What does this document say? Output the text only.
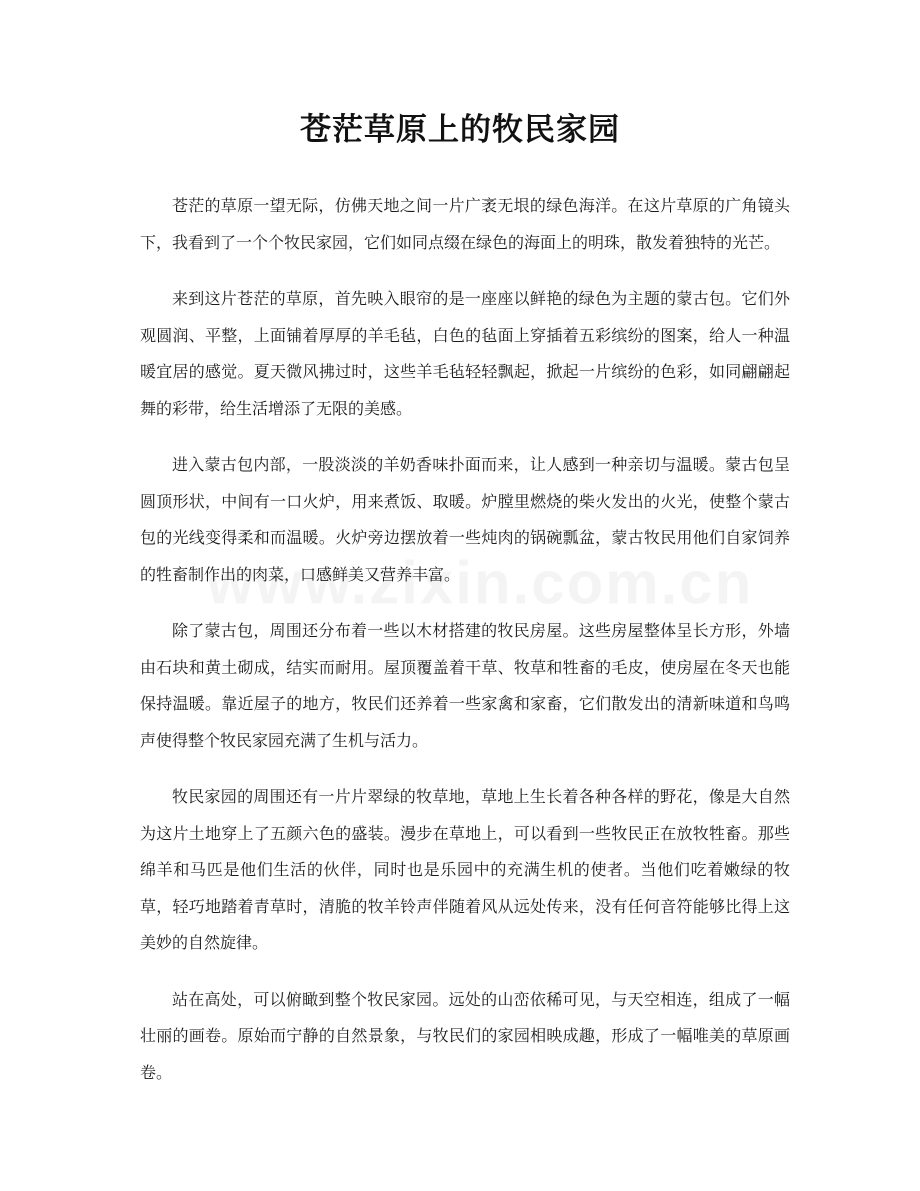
苍茫草原上的牧民家园

苍茫的草原一望无际，仿佛天地之间一片广袤无垠的绿色海洋。在这片草原的广角镜头下，我看到了一个个牧民家园，它们如同点缀在绿色的海面上的明珠，散发着独特的光芒。

来到这片苍茫的草原，首先映入眼帘的是一座座以鲜艳的绿色为主题的蒙古包。它们外观圆润、平整，上面铺着厚厚的羊毛毡，白色的毡面上穿插着五彩缤纷的图案，给人一种温暖宜居的感觉。夏天微风拂过时，这些羊毛毡轻轻飘起，掀起一片缤纷的色彩，如同翩翩起舞的彩带，给生活增添了无限的美感。

进入蒙古包内部，一股淡淡的羊奶香味扑面而来，让人感到一种亲切与温暖。蒙古包呈圆顶形状，中间有一口火炉，用来煮饭、取暖。炉膛里燃烧的柴火发出的火光，使整个蒙古包的光线变得柔和而温暖。火炉旁边摆放着一些炖肉的锅碗瓢盆，蒙古牧民用他们自家饲养的牲畜制作出的肉菜，口感鲜美又营养丰富。

除了蒙古包，周围还分布着一些以木材搭建的牧民房屋。这些房屋整体呈长方形，外墙由石块和黄土砌成，结实而耐用。屋顶覆盖着干草、牧草和牲畜的毛皮，使房屋在冬天也能保持温暖。靠近屋子的地方，牧民们还养着一些家禽和家畜，它们散发出的清新味道和鸟鸣声使得整个牧民家园充满了生机与活力。

牧民家园的周围还有一片片翠绿的牧草地，草地上生长着各种各样的野花，像是大自然为这片土地穿上了五颜六色的盛装。漫步在草地上，可以看到一些牧民正在放牧牲畜。那些绵羊和马匹是他们生活的伙伴，同时也是乐园中的充满生机的使者。当他们吃着嫩绿的牧草，轻巧地踏着青草时，清脆的牧羊铃声伴随着风从远处传来，没有任何音符能够比得上这美妙的自然旋律。

站在高处，可以俯瞰到整个牧民家园。远处的山峦依稀可见，与天空相连，组成了一幅壮丽的画卷。原始而宁静的自然景象，与牧民们的家园相映成趣，形成了一幅唯美的草原画卷。
